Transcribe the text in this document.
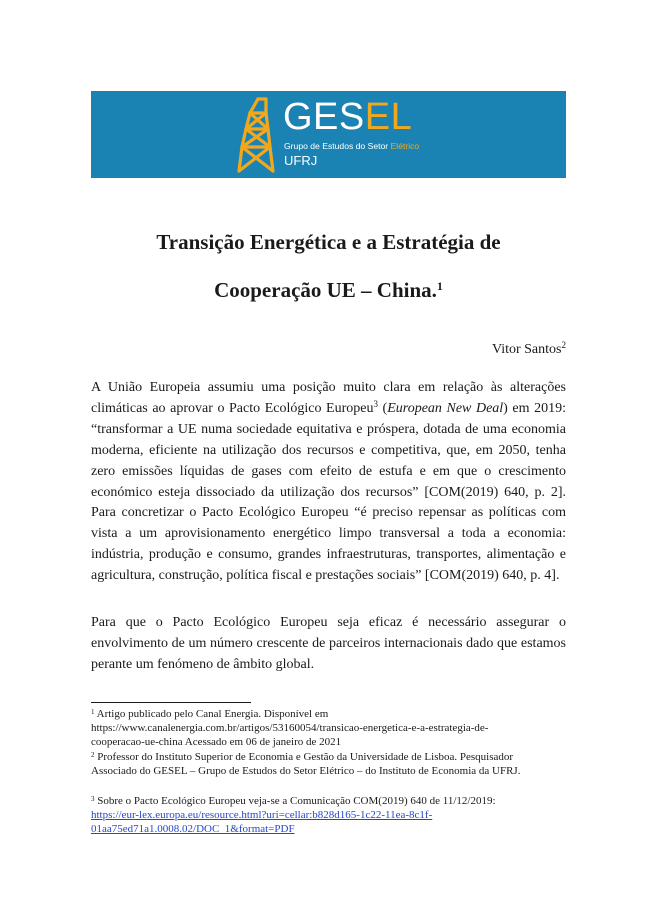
GESEL
Grupo de Estudos do Setor Elétrico
UFRJ
Transição Energética e a Estratégia de
Cooperação UE – China.$^1$
Vitor Santos$^2$

A União Europeia assumiu uma posição muito clara em relação às alterações climáticas ao aprovar o Pacto Ecológico Europeu$^3$ (European New Deal) em 2019: “transformar a UE numa sociedade equitativa e próspera, dotada de uma economia moderna, eficiente na utilização dos recursos e competitiva, que, em 2050, tenha zero emissões líquidas de gases com efeito de estufa e em que o crescimento económico esteja dissociado da utilização dos recursos” [COM(2019) 640, p. 2]. Para concretizar o Pacto Ecológico Europeu “é preciso repensar as políticas com vista a um aprovisionamento energético limpo transversal a toda a economia: indústria, produção e consumo, grandes infraestruturas, transportes, alimentação e agricultura, construção, política fiscal e prestações sociais” [COM(2019) 640, p. 4].

Para que o Pacto Ecológico Europeu seja eficaz é necessário assegurar o envolvimento de um número crescente de parceiros internacionais dado que estamos perante um fenómeno de âmbito global.

$^1$ Artigo publicado pelo Canal Energia. Disponível em
https://www.canalenergia.com.br/artigos/53160054/transicao-energetica-e-a-estrategia-de-
cooperacao-ue-china Acessado em 06 de janeiro de 2021
$^2$ Professor do Instituto Superior de Economia e Gestão da Universidade de Lisboa. Pesquisador
Associado do GESEL – Grupo de Estudos do Setor Elétrico – do Instituto de Economia da UFRJ.
$^3$ Sobre o Pacto Ecológico Europeu veja-se a Comunicação COM(2019) 640 de 11/12/2019:
https://eur-lex.europa.eu/resource.html?uri=cellar:b828d165-1c22-11ea-8c1f-
01aa75ed71a1.0008.02/DOC_1&format=PDF
